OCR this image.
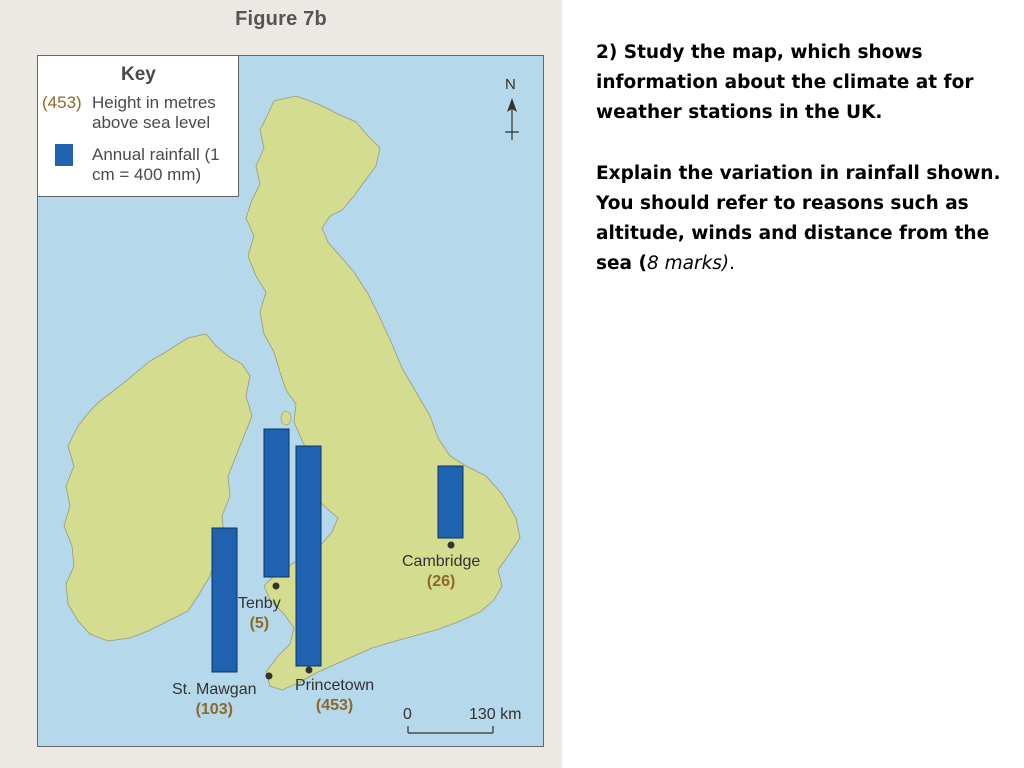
Figure 7b
Key
(453) Height in metres above sea level
Annual rainfall (1 cm = 400 mm)
N
St. Mawgan
(103)
Tenby
(5)
Princetown
(453)
Cambridge
(26)
0	130 km

2) Study the map, which shows information about the climate at for weather stations in the UK.

Explain the variation in rainfall shown. You should refer to reasons such as altitude, winds and distance from the sea (8 marks).
